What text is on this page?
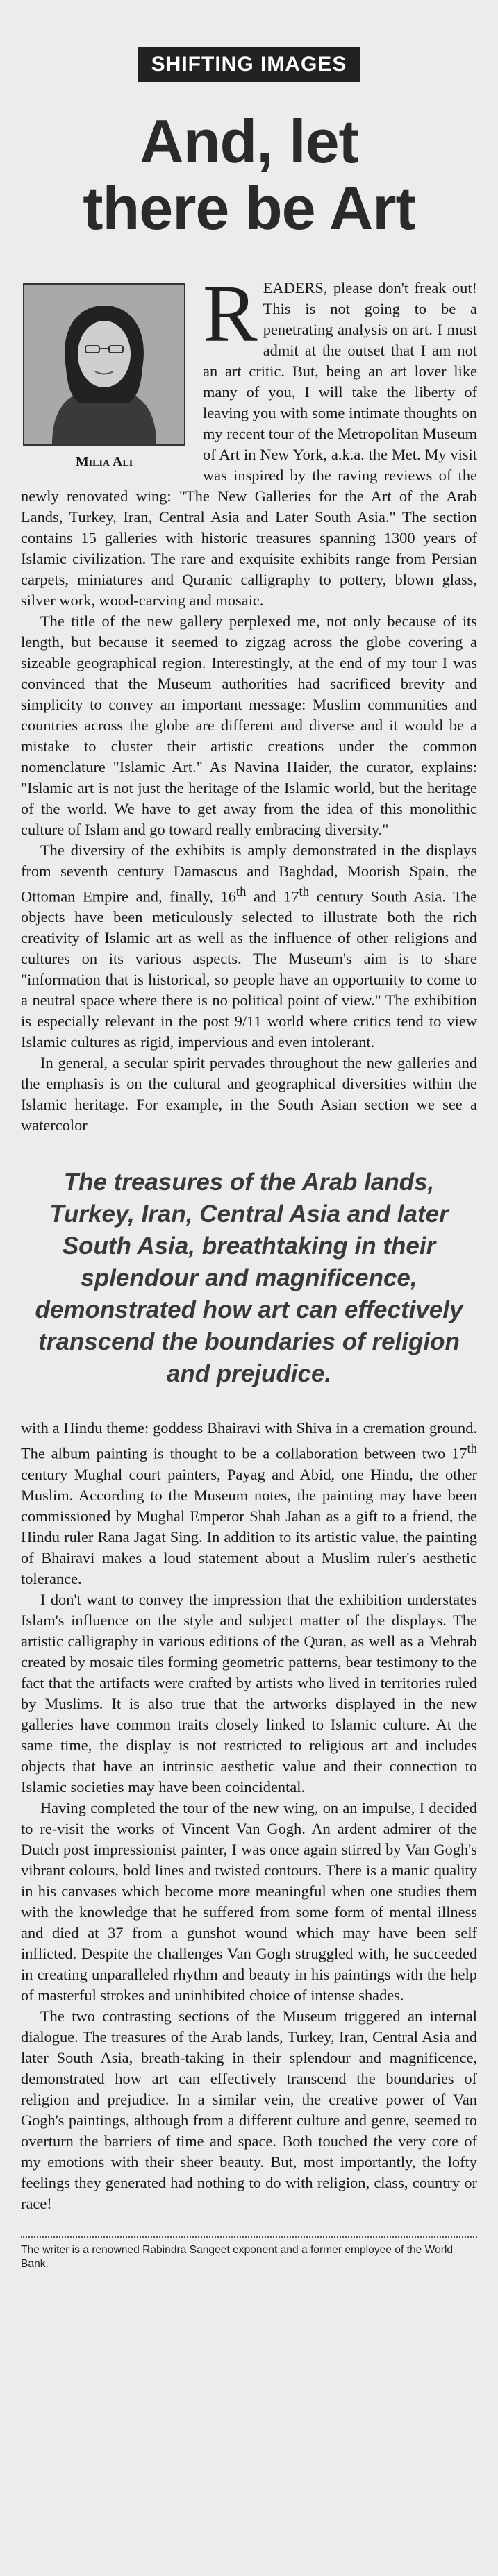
SHIFTING IMAGES
And, let
there be Art
Milia Ali

READERS, please don't freak out! This is not going to be a penetrating analysis on art. I must admit at the outset that I am not an art critic. But, being an art lover like many of you, I will take the liberty of leaving you with some intimate thoughts on my recent tour of the Metropolitan Museum of Art in New York, a.k.a. the Met. My visit was inspired by the raving reviews of the newly renovated wing: "The New Galleries for the Art of the Arab Lands, Turkey, Iran, Central Asia and Later South Asia." The section contains 15 galleries with historic treasures spanning 1300 years of Islamic civilization. The rare and exquisite exhibits range from Persian carpets, miniatures and Quranic calligraphy to pottery, blown glass, silver work, wood-carving and mosaic.

The title of the new gallery perplexed me, not only because of its length, but because it seemed to zigzag across the globe covering a sizeable geographical region. Interestingly, at the end of my tour I was convinced that the Museum authorities had sacrificed brevity and simplicity to convey an important message: Muslim communities and countries across the globe are different and diverse and it would be a mistake to cluster their artistic creations under the common nomenclature "Islamic Art." As Navina Haider, the curator, explains: "Islamic art is not just the heritage of the Islamic world, but the heritage of the world. We have to get away from the idea of this monolithic culture of Islam and go toward really embracing diversity."

The diversity of the exhibits is amply demonstrated in the displays from seventh century Damascus and Baghdad, Moorish Spain, the Ottoman Empire and, finally, 16th and 17th century South Asia. The objects have been meticulously selected to illustrate both the rich creativity of Islamic art as well as the influence of other religions and cultures on its various aspects. The Museum's aim is to share "information that is historical, so people have an opportunity to come to a neutral space where there is no political point of view." The exhibition is especially relevant in the post 9/11 world where critics tend to view Islamic cultures as rigid, impervious and even intolerant.

In general, a secular spirit pervades throughout the new galleries and the emphasis is on the cultural and geographical diversities within the Islamic heritage. For example, in the South Asian section we see a watercolor

The treasures of the Arab lands, Turkey, Iran, Central Asia and later South Asia, breathtaking in their splendour and magnificence, demonstrated how art can effectively transcend the boundaries of religion and prejudice.

with a Hindu theme: goddess Bhairavi with Shiva in a cremation ground. The album painting is thought to be a collaboration between two 17th century Mughal court painters, Payag and Abid, one Hindu, the other Muslim. According to the Museum notes, the painting may have been commissioned by Mughal Emperor Shah Jahan as a gift to a friend, the Hindu ruler Rana Jagat Sing. In addition to its artistic value, the painting of Bhairavi makes a loud statement about a Muslim ruler's aesthetic tolerance.

I don't want to convey the impression that the exhibition understates Islam's influence on the style and subject matter of the displays. The artistic calligraphy in various editions of the Quran, as well as a Mehrab created by mosaic tiles forming geometric patterns, bear testimony to the fact that the artifacts were crafted by artists who lived in territories ruled by Muslims. It is also true that the artworks displayed in the new galleries have common traits closely linked to Islamic culture. At the same time, the display is not restricted to religious art and includes objects that have an intrinsic aesthetic value and their connection to Islamic societies may have been coincidental.

Having completed the tour of the new wing, on an impulse, I decided to re-visit the works of Vincent Van Gogh. An ardent admirer of the Dutch post impressionist painter, I was once again stirred by Van Gogh's vibrant colours, bold lines and twisted contours. There is a manic quality in his canvases which become more meaningful when one studies them with the knowledge that he suffered from some form of mental illness and died at 37 from a gunshot wound which may have been self inflicted. Despite the challenges Van Gogh struggled with, he succeeded in creating unparalleled rhythm and beauty in his paintings with the help of masterful strokes and uninhibited choice of intense shades.

The two contrasting sections of the Museum triggered an internal dialogue. The treasures of the Arab lands, Turkey, Iran, Central Asia and later South Asia, breath-taking in their splendour and magnificence, demonstrated how art can effectively transcend the boundaries of religion and prejudice. In a similar vein, the creative power of Van Gogh's paintings, although from a different culture and genre, seemed to overturn the barriers of time and space. Both touched the very core of my emotions with their sheer beauty. But, most importantly, the lofty feelings they generated had nothing to do with religion, class, country or race!

The writer is a renowned Rabindra Sangeet exponent and a former employee of the World Bank.
